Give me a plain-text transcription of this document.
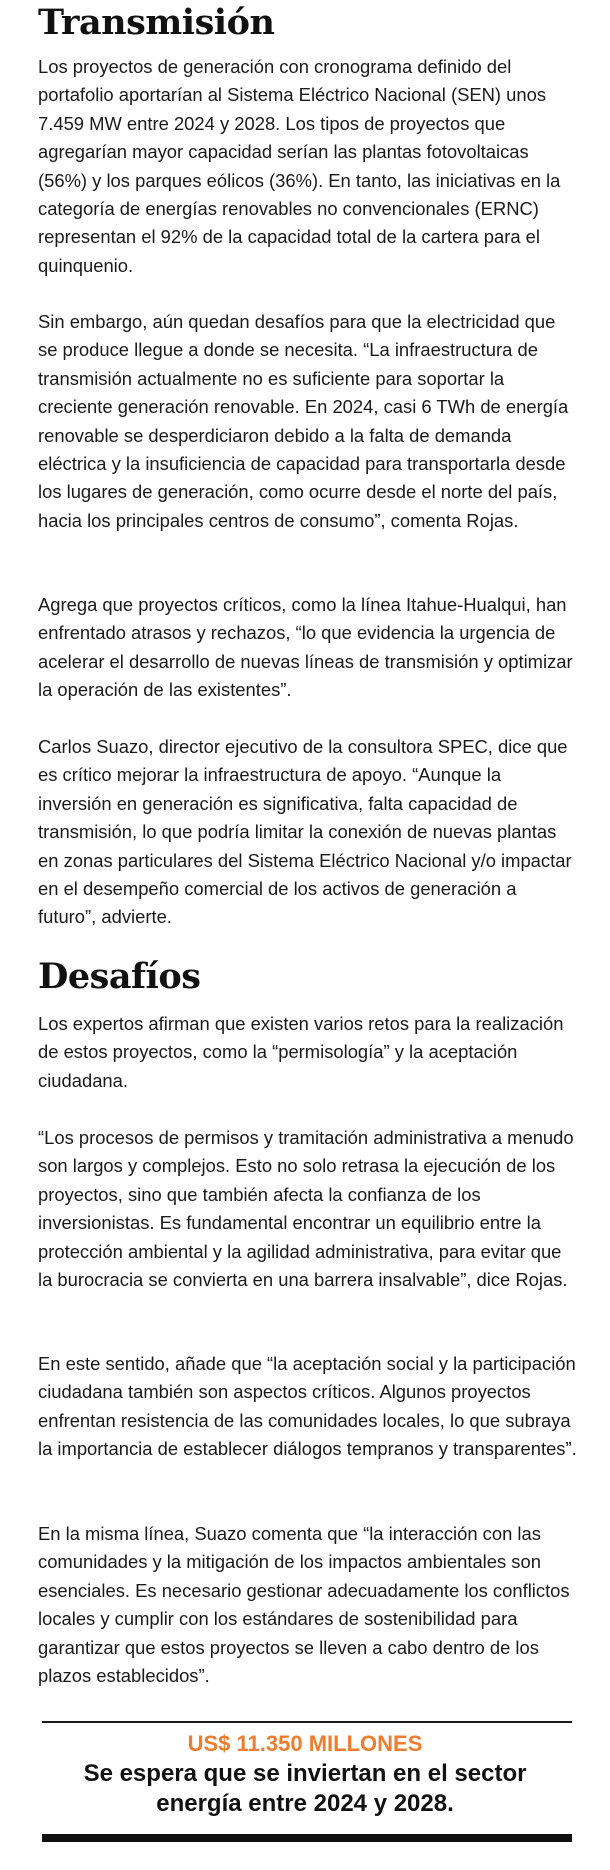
Transmisión

Los proyectos de generación con cronograma definido del portafolio aportarían al Sistema Eléctrico Nacional (SEN) unos 7.459 MW entre 2024 y 2028. Los tipos de proyectos que agregarían mayor capacidad serían las plantas fotovoltaicas (56%) y los parques eólicos (36%). En tanto, las iniciativas en la categoría de energías renovables no convencionales (ERNC) representan el 92% de la capacidad total de la cartera para el quinquenio.

Sin embargo, aún quedan desafíos para que la electricidad que se produce llegue a donde se necesita. “La infraestructura de transmisión actualmente no es suficiente para soportar la creciente generación renovable. En 2024, casi 6 TWh de energía renovable se desperdiciaron debido a la falta de demanda eléctrica y la insuficiencia de capacidad para transportarla desde los lugares de generación, como ocurre desde el norte del país, hacia los principales centros de consumo”, comenta Rojas.

Agrega que proyectos críticos, como la línea Itahue-Hualqui, han enfrentado atrasos y rechazos, “lo que evidencia la urgencia de acelerar el desarrollo de nuevas líneas de transmisión y optimizar la operación de las existentes”.

Carlos Suazo, director ejecutivo de la consultora SPEC, dice que es crítico mejorar la infraestructura de apoyo. “Aunque la inversión en generación es significativa, falta capacidad de transmisión, lo que podría limitar la conexión de nuevas plantas en zonas particulares del Sistema Eléctrico Nacional y/o impactar en el desempeño comercial de los activos de generación a futuro”, advierte.

Desafíos

Los expertos afirman que existen varios retos para la realización de estos proyectos, como la “permisología” y la aceptación ciudadana.

“Los procesos de permisos y tramitación administrativa a menudo son largos y complejos. Esto no solo retrasa la ejecución de los proyectos, sino que también afecta la confianza de los inversionistas. Es fundamental encontrar un equilibrio entre la protección ambiental y la agilidad administrativa, para evitar que la burocracia se convierta en una barrera insalvable”, dice Rojas.

En este sentido, añade que “la aceptación social y la participación ciudadana también son aspectos críticos. Algunos proyectos enfrentan resistencia de las comunidades locales, lo que subraya la importancia de establecer diálogos tempranos y transparentes”.

En la misma línea, Suazo comenta que “la interacción con las comunidades y la mitigación de los impactos ambientales son esenciales. Es necesario gestionar adecuadamente los conflictos locales y cumplir con los estándares de sostenibilidad para garantizar que estos proyectos se lleven a cabo dentro de los plazos establecidos”.

US$ 11.350 MILLONES
Se espera que se inviertan en el sector energía entre 2024 y 2028.
